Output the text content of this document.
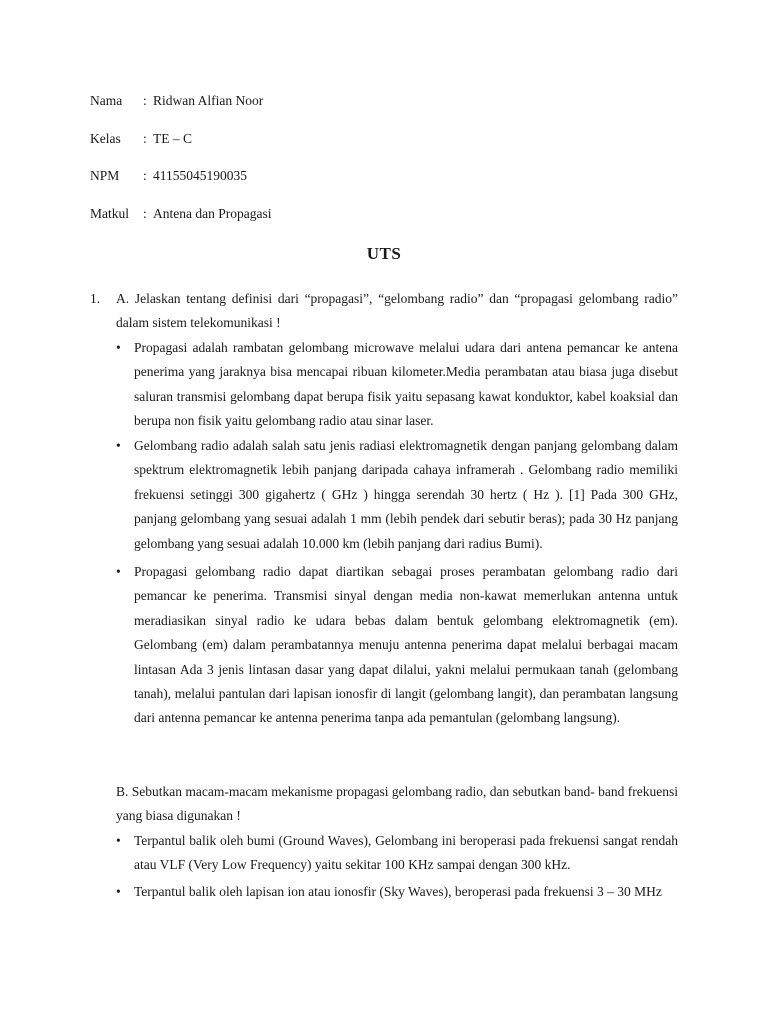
Nama : Ridwan Alfian Noor
Kelas : TE – C
NPM : 41155045190035
Matkul : Antena dan Propagasi
UTS
1. A. Jelaskan tentang definisi dari “propagasi”, “gelombang radio” dan “propagasi gelombang radio” dalam sistem telekomunikasi !
• Propagasi adalah rambatan gelombang microwave melalui udara dari antena pemancar ke antena penerima yang jaraknya bisa mencapai ribuan kilometer.Media perambatan atau biasa juga disebut saluran transmisi gelombang dapat berupa fisik yaitu sepasang kawat konduktor, kabel koaksial dan berupa non fisik yaitu gelombang radio atau sinar laser.
• Gelombang radio adalah salah satu jenis radiasi elektromagnetik dengan panjang gelombang dalam spektrum elektromagnetik lebih panjang daripada cahaya inframerah . Gelombang radio memiliki frekuensi setinggi 300 gigahertz ( GHz ) hingga serendah 30 hertz ( Hz ). [1] Pada 300 GHz, panjang gelombang yang sesuai adalah 1 mm (lebih pendek dari sebutir beras); pada 30 Hz panjang gelombang yang sesuai adalah 10.000 km (lebih panjang dari radius Bumi).
• Propagasi gelombang radio dapat diartikan sebagai proses perambatan gelombang radio dari pemancar ke penerima. Transmisi sinyal dengan media non-kawat memerlukan antenna untuk meradiasikan sinyal radio ke udara bebas dalam bentuk gelombang elektromagnetik (em). Gelombang (em) dalam perambatannya menuju antenna penerima dapat melalui berbagai macam lintasan Ada 3 jenis lintasan dasar yang dapat dilalui, yakni melalui permukaan tanah (gelombang tanah), melalui pantulan dari lapisan ionosfir di langit (gelombang langit), dan perambatan langsung dari antenna pemancar ke antenna penerima tanpa ada pemantulan (gelombang langsung).
B. Sebutkan macam-macam mekanisme propagasi gelombang radio, dan sebutkan band- band frekuensi yang biasa digunakan !
• Terpantul balik oleh bumi (Ground Waves), Gelombang ini beroperasi pada frekuensi sangat rendah atau VLF (Very Low Frequency) yaitu sekitar 100 KHz sampai dengan 300 kHz.
• Terpantul balik oleh lapisan ion atau ionosfir (Sky Waves), beroperasi pada frekuensi 3 – 30 MHz
